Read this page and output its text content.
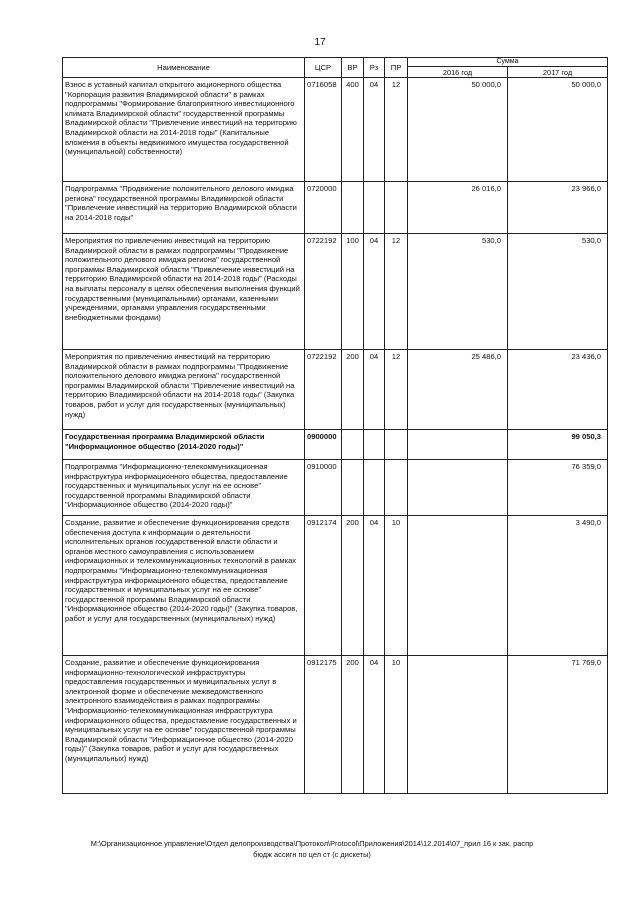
17
Наименование	ЦСР	ВР	Рз	ПР	Сумма	
					2016 год	2017 год
Взнос в уставный капитал открытого акционерного общества "Корпорация развития Владимирской области" в рамках подпрограммы "Формирование благоприятного инвестиционного климата Владимирской области" государственной программы Владимирской области "Привлечение инвестиций на территорию Владимирской области на 2014-2018 годы" (Капитальные вложения в объекты недвижимого имущества государственной (муниципальной) собственности)	0716058	400	04	12	50 000,0	50 000,0
Подпрограмма "Продвижение положительного делового имиджа региона" государственной программы Владимирской области "Привлечение инвестиций на территорию Владимирской области на 2014-2018 годы"	0720000				26 016,0	23 966,0
Мероприятия по привлечению инвестиций на территорию Владимирской области в рамках подпрограммы "Продвижение положительного делового имиджа региона" государственной программы Владимирской области "Привлечение инвестиций на территорию Владимирской области на 2014-2018 годы" (Расходы на выплаты персоналу в целях обеспечения выполнения функций государственными (муниципальными) органами, казенными учреждениями, органами управления государственными внебюджетными фондами)	0722192	100	04	12	530,0	530,0
Мероприятия по привлечению инвестиций на территорию Владимирской области в рамках подпрограммы "Продвижение положительного делового имиджа региона" государственной программы Владимирской области "Привлечение инвестиций на территорию Владимирской области на 2014-2018 годы" (Закупка товаров, работ и услуг для государственных (муниципальных) нужд)	0722192	200	04	12	25 486,0	23 436,0
Государственная программа Владимирской области "Информационное общество (2014-2020 годы)"	0900000					99 050,3
Подпрограмма "Информационно-телекоммуникационная инфраструктура информационного общества, предоставление государственных и муниципальных услуг на ее основе" государственной программы Владимирской области "Информационное общество (2014-2020 годы)"	0910000					76 359,0
Создание, развитие и обеспечение функционирования средств обеспечения доступа к информации о деятельности исполнительных органов государственной власти области и органов местного самоуправления с использованием информационных и телекоммуникационных технологий в рамках подпрограммы "Информационно-телекоммуникационная инфраструктура информационного общества, предоставление государственных и муниципальных услуг на ее основе" государственной программы Владимирской области "Информационное общество (2014-2020 годы)" (Закупка товаров, работ и услуг для государственных (муниципальных) нужд)	0912174	200	04	10		3 490,0
Создание, развитие и обеспечение функционирования информационно-технологической инфраструктуры предоставления государственных и муниципальных услуг в электронной форме и обеспечение межведомственного электронного взаимодействия в рамках подпрограммы "Информационно-телекоммуникационная инфраструктура информационного общества, предоставление государственных и муниципальных услуг на ее основе" государственной программы Владимирской области "Информационное общество (2014-2020 годы)" (Закупка товаров, работ и услуг для государственных (муниципальных) нужд)	0912175	200	04	10		71 769,0
М:\Организационное управление\Отдел делопроизводства\Протокол\Protocol\Приложения\2014\12.2014\07_прил 16 к зак. распр
бюдж ассигн по цел ст (с дискеты)
